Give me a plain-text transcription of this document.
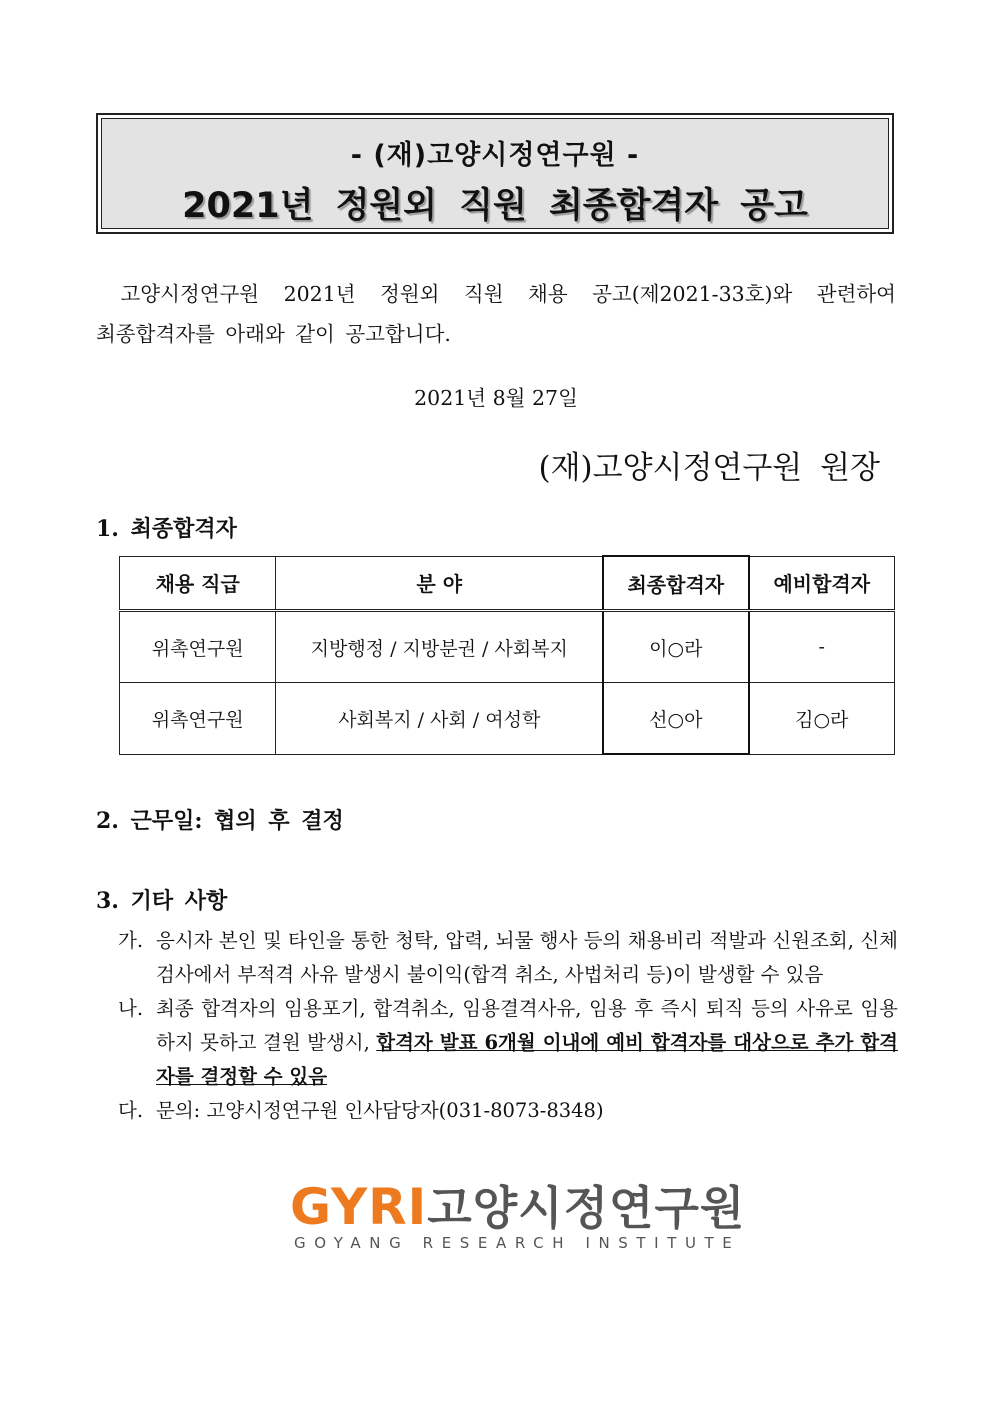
- (재)고양시정연구원 -
2021년 정원외 직원 최종합격자 공고
고양시정연구원 2021년 정원외 직원 채용 공고(제2021-33호)와 관련하여
최종합격자를 아래와 같이 공고합니다.
2021년 8월 27일
(재)고양시정연구원 원장
1. 최종합격자
채용 직급	분 야	최종합격자	예비합격자
위촉연구원	지방행정 / 지방분권 / 사회복지	이○라	-
위촉연구원	사회복지 / 사회 / 여성학	선○아	김○라
2. 근무일: 협의 후 결정
3. 기타 사항
가. 응시자 본인 및 타인을 통한 청탁, 압력, 뇌물 행사 등의 채용비리 적발과 신원조회, 신체검사에서 부적격 사유 발생시 불이익(합격 취소, 사법처리 등)이 발생할 수 있음
나. 최종 합격자의 임용포기, 합격취소, 임용결격사유, 임용 후 즉시 퇴직 등의 사유로 임용하지 못하고 결원 발생시, 합격자 발표 6개월 이내에 예비 합격자를 대상으로 추가 합격자를 결정할 수 있음
다. 문의: 고양시정연구원 인사담당자(031-8073-8348)
GYRI고양시정연구원
GOYANG RESEARCH INSTITUTE
